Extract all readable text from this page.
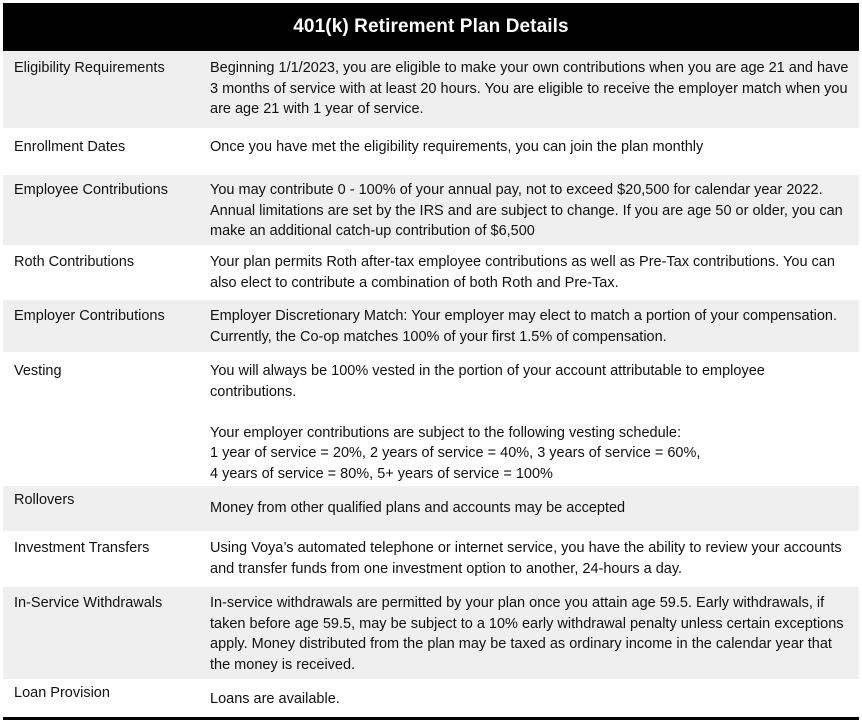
401(k) Retirement Plan Details
Eligibility Requirements	Beginning 1/1/2023, you are eligible to make your own contributions when you are age 21 and have 3 months of service with at least 20 hours. You are eligible to receive the employer match when you are age 21 with 1 year of service.

Enrollment Dates	Once you have met the eligibility requirements, you can join the plan monthly

Employee Contributions	You may contribute 0 - 100% of your annual pay, not to exceed $20,500 for calendar year 2022. Annual limitations are set by the IRS and are subject to change. If you are age 50 or older, you can make an additional catch-up contribution of $6,500

Roth Contributions	Your plan permits Roth after-tax employee contributions as well as Pre-Tax contributions. You can also elect to contribute a combination of both Roth and Pre-Tax.

Employer Contributions	Employer Discretionary Match: Your employer may elect to match a portion of your compensation. Currently, the Co-op matches 100% of your first 1.5% of compensation.

Vesting	You will always be 100% vested in the portion of your account attributable to employee contributions.

Your employer contributions are subject to the following vesting schedule:

1 year of service = 20%, 2 years of service = 40%, 3 years of service = 60%,

4 years of service = 80%, 5+ years of service = 100%

Rollovers	Money from other qualified plans and accounts may be accepted

Investment Transfers	Using Voya’s automated telephone or internet service, you have the ability to review your accounts and transfer funds from one investment option to another, 24-hours a day.

In-Service Withdrawals	In-service withdrawals are permitted by your plan once you attain age 59.5. Early withdrawals, if taken before age 59.5, may be subject to a 10% early withdrawal penalty unless certain exceptions apply. Money distributed from the plan may be taxed as ordinary income in the calendar year that the money is received.

Loan Provision	Loans are available.
